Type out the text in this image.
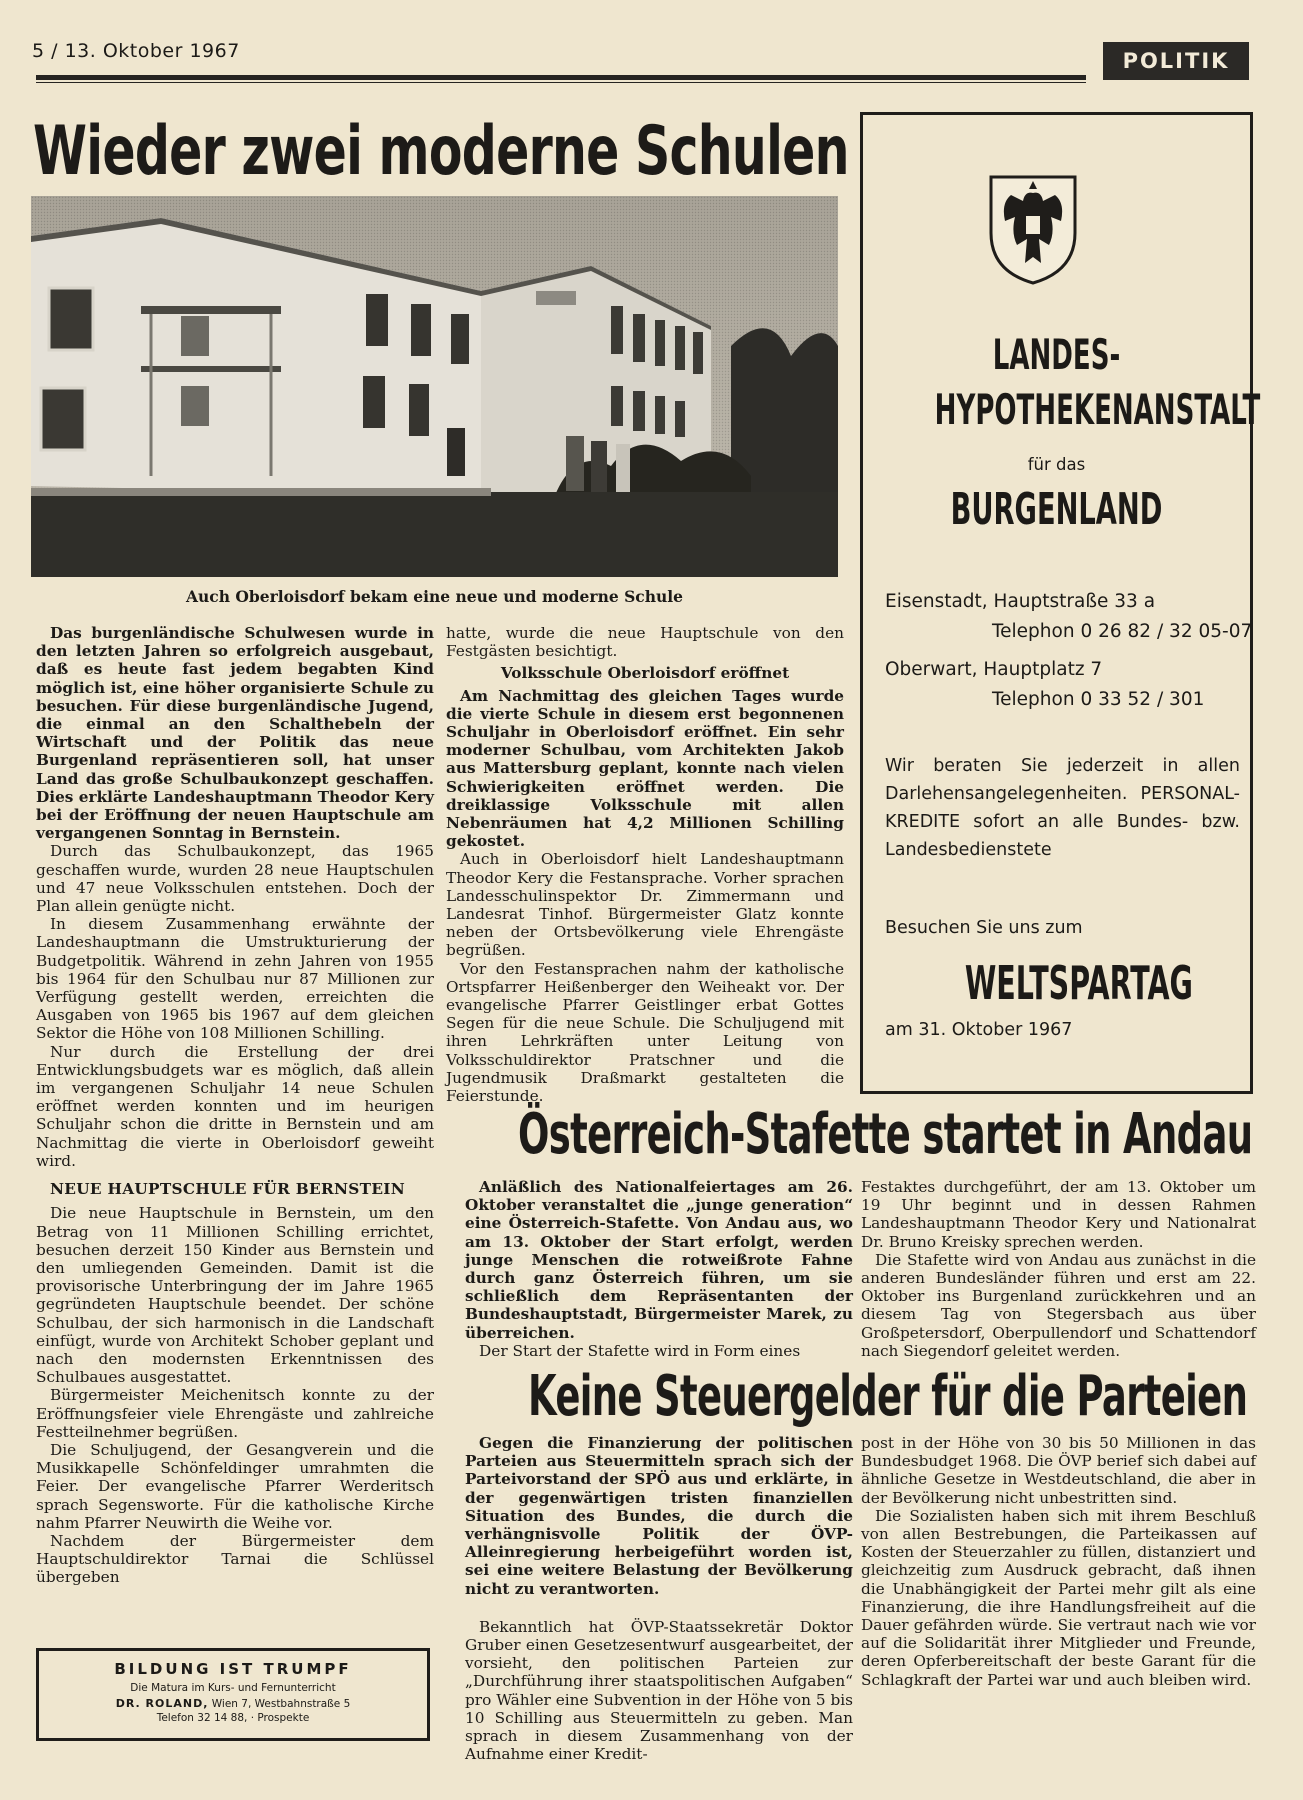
5 / 13. Oktober 1967	POLITIK
Wieder zwei moderne Schulen
Auch Oberloisdorf bekam eine neue und moderne Schule

Das burgenländische Schulwesen wurde in den letzten Jahren so erfolgreich ausgebaut, daß es heute fast jedem begabten Kind möglich ist, eine höher organisierte Schule zu besuchen. Für diese burgenländische Jugend, die einmal an den Schalthebeln der Wirtschaft und der Politik das neue Burgenland repräsentieren soll, hat unser Land das große Schulbaukonzept geschaffen. Dies erklärte Landeshauptmann Theodor Kery bei der Eröffnung der neuen Hauptschule am vergangenen Sonntag in Bernstein.

Durch das Schulbaukonzept, das 1965 geschaffen wurde, wurden 28 neue Hauptschulen und 47 neue Volksschulen entstehen. Doch der Plan allein genügte nicht.

In diesem Zusammenhang erwähnte der Landeshauptmann die Umstrukturierung der Budgetpolitik. Während in zehn Jahren von 1955 bis 1964 für den Schulbau nur 87 Millionen zur Verfügung gestellt werden, erreichten die Ausgaben von 1965 bis 1967 auf dem gleichen Sektor die Höhe von 108 Millionen Schilling.

Nur durch die Erstellung der drei Entwicklungsbudgets war es möglich, daß allein im vergangenen Schuljahr 14 neue Schulen eröffnet werden konnten und im heurigen Schuljahr schon die dritte in Bernstein und am Nachmittag die vierte in Oberloisdorf geweiht wird.

NEUE HAUPTSCHULE FÜR BERNSTEIN

Die neue Hauptschule in Bernstein, um den Betrag von 11 Millionen Schilling errichtet, besuchen derzeit 150 Kinder aus Bernstein und den umliegenden Gemeinden. Damit ist die provisorische Unterbringung der im Jahre 1965 gegründeten Hauptschule beendet. Der schöne Schulbau, der sich harmonisch in die Landschaft einfügt, wurde von Architekt Schober geplant und nach den modernsten Erkenntnissen des Schulbaues ausgestattet.

Bürgermeister Meichenitsch konnte zu der Eröffnungsfeier viele Ehrengäste und zahlreiche Festteilnehmer begrüßen.

Die Schuljugend, der Gesangverein und die Musikkapelle Schönfeldinger umrahmten die Feier. Der evangelische Pfarrer Werderitsch sprach Segensworte. Für die katholische Kirche nahm Pfarrer Neuwirth die Weihe vor.

Nachdem der Bürgermeister dem Hauptschuldirektor Tarnai die Schlüssel übergeben

hatte, wurde die neue Hauptschule von den Festgästen besichtigt.

Volksschule Oberloisdorf eröffnet

Am Nachmittag des gleichen Tages wurde die vierte Schule in diesem erst begonnenen Schuljahr in Oberloisdorf eröffnet. Ein sehr moderner Schulbau, vom Architekten Jakob aus Mattersburg geplant, konnte nach vielen Schwierigkeiten eröffnet werden. Die dreiklassige Volksschule mit allen Nebenräumen hat 4,2 Millionen Schilling gekostet.

Auch in Oberloisdorf hielt Landeshauptmann Theodor Kery die Festansprache. Vorher sprachen Landesschulinspektor Dr. Zimmermann und Landesrat Tinhof. Bürgermeister Glatz konnte neben der Ortsbevölkerung viele Ehrengäste begrüßen.

Vor den Festansprachen nahm der katholische Ortspfarrer Heißenberger den Weiheakt vor. Der evangelische Pfarrer Geistlinger erbat Gottes Segen für die neue Schule. Die Schuljugend mit ihren Lehrkräften unter Leitung von Volksschuldirektor Pratschner und die Jugendmusik Draßmarkt gestalteten die Feierstunde.

LANDES-
HYPOTHEKENANSTALT
für das
BURGENLAND
Eisenstadt, Hauptstraße 33 a
Telephon 0 26 82 / 32 05-07
Oberwart, Hauptplatz 7
Telephon 0 33 52 / 301
Wir beraten Sie jederzeit in allen Darlehensangelegenheiten. PERSONAL-KREDITE sofort an alle Bundes- bzw. Landesbedienstete
Besuchen Sie uns zum
WELTSPARTAG
am 31. Oktober 1967
Österreich-Stafette startet in Andau

Anläßlich des Nationalfeiertages am 26. Oktober veranstaltet die „junge generation“ eine Österreich-Stafette. Von Andau aus, wo am 13. Oktober der Start erfolgt, werden junge Menschen die rotweißrote Fahne durch ganz Österreich führen, um sie schließlich dem Repräsentanten der Bundeshauptstadt, Bürgermeister Marek, zu überreichen.

Der Start der Stafette wird in Form eines

Festaktes durchgeführt, der am 13. Oktober um 19 Uhr beginnt und in dessen Rahmen Landeshauptmann Theodor Kery und Nationalrat Dr. Bruno Kreisky sprechen werden.

Die Stafette wird von Andau aus zunächst in die anderen Bundesländer führen und erst am 22. Oktober ins Burgenland zurückkehren und an diesem Tag von Stegersbach aus über Großpetersdorf, Oberpullendorf und Schattendorf nach Siegendorf geleitet werden.

Keine Steuergelder für die Parteien

Gegen die Finanzierung der politischen Parteien aus Steuermitteln sprach sich der Parteivorstand der SPÖ aus und erklärte, in der gegenwärtigen tristen finanziellen Situation des Bundes, die durch die verhängnisvolle Politik der ÖVP-Alleinregierung herbeigeführt worden ist, sei eine weitere Belastung der Bevölkerung nicht zu verantworten.

Bekanntlich hat ÖVP-Staatssekretär Doktor Gruber einen Gesetzesentwurf ausgearbeitet, der vorsieht, den politischen Parteien zur „Durchführung ihrer staatspolitischen Aufgaben“ pro Wähler eine Subvention in der Höhe von 5 bis 10 Schilling aus Steuermitteln zu geben. Man sprach in diesem Zusammenhang von der Aufnahme einer Kredit-

post in der Höhe von 30 bis 50 Millionen in das Bundesbudget 1968. Die ÖVP berief sich dabei auf ähnliche Gesetze in Westdeutschland, die aber in der Bevölkerung nicht unbestritten sind.

Die Sozialisten haben sich mit ihrem Beschluß von allen Bestrebungen, die Parteikassen auf Kosten der Steuerzahler zu füllen, distanziert und gleichzeitig zum Ausdruck gebracht, daß ihnen die Unabhängigkeit der Partei mehr gilt als eine Finanzierung, die ihre Handlungsfreiheit auf die Dauer gefährden würde. Sie vertraut nach wie vor auf die Solidarität ihrer Mitglieder und Freunde, deren Opferbereitschaft der beste Garant für die Schlagkraft der Partei war und auch bleiben wird.

BILDUNG IST TRUMPF
Die Matura im Kurs- und Fernunterricht
DR. ROLAND, Wien 7, Westbahnstraße 5
Telefon 32 14 88, · Prospekte
